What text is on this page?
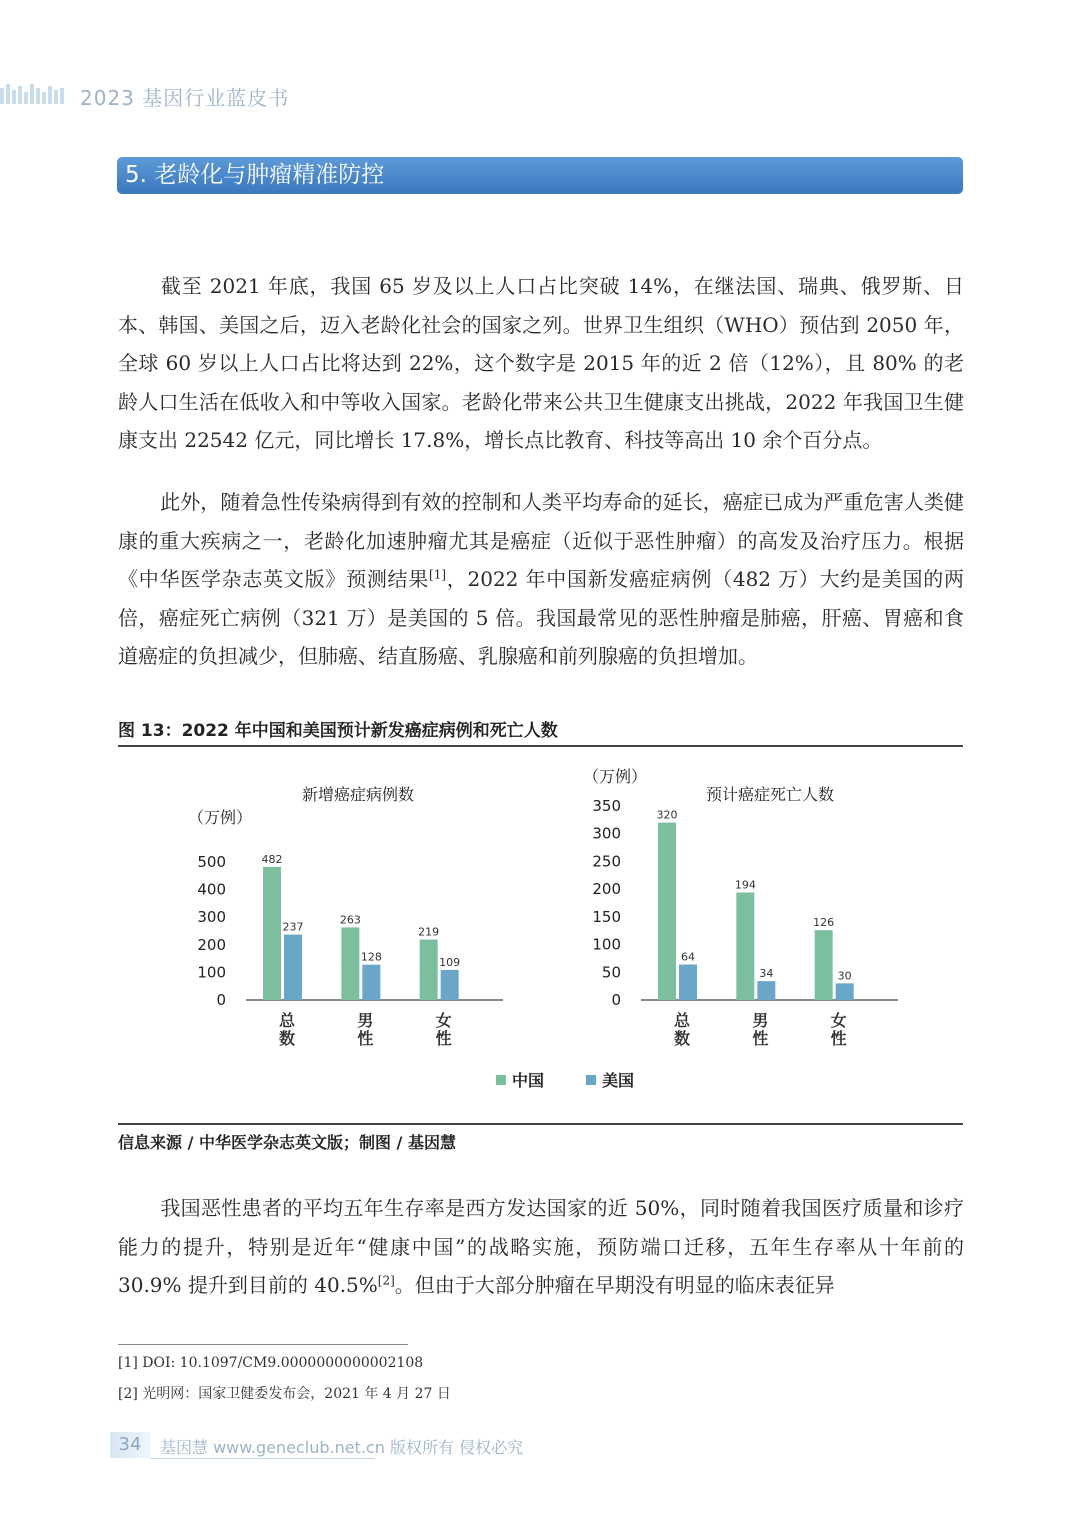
2023 基因行业蓝皮书
5. 老龄化与肿瘤精准防控

截至 2021 年底，我国 65 岁及以上人口占比突破 14%，在继法国、瑞典、俄罗斯、日本、韩国、美国之后，迈入老龄化社会的国家之列。世界卫生组织（WHO）预估到 2050 年，全球 60 岁以上人口占比将达到 22%，这个数字是 2015 年的近 2 倍（12%），且 80% 的老龄人口生活在低收入和中等收入国家。老龄化带来公共卫生健康支出挑战，2022 年我国卫生健康支出 22542 亿元，同比增长 17.8%，增长点比教育、科技等高出 10 余个百分点。

此外，随着急性传染病得到有效的控制和人类平均寿命的延长，癌症已成为严重危害人类健康的重大疾病之一，老龄化加速肿瘤尤其是癌症（近似于恶性肿瘤）的高发及治疗压力。根据《中华医学杂志英文版》预测结果[1]，2022 年中国新发癌症病例（482 万）大约是美国的两倍，癌症死亡病例（321 万）是美国的 5 倍。我国最常见的恶性肿瘤是肺癌，肝癌、胃癌和食道癌症的负担减少，但肺癌、结直肠癌、乳腺癌和前列腺癌的负担增加。

图 13：2022 年中国和美国预计新发癌症病例和死亡人数
新增癌症病例数
（万例）
0
100
200
300
400
500
总
数
482
237
男
性
263
128
女
性
219
109
预计癌症死亡人数
（万例）
0
50
100
150
200
250
300
350
总
数
320
64
男
性
194
34
女
性
126
30
中国	美国
信息来源 / 中华医学杂志英文版；制图 / 基因慧

我国恶性患者的平均五年生存率是西方发达国家的近 50%，同时随着我国医疗质量和诊疗能力的提升，特别是近年“健康中国”的战略实施，预防端口迁移，五年生存率从十年前的 30.9% 提升到目前的 40.5%[2]。但由于大部分肿瘤在早期没有明显的临床表征异

[1] DOI: 10.1097/CM9.0000000000002108
[2] 光明网：国家卫健委发布会，2021 年 4 月 27 日
34	基因慧 www.geneclub.net.cn 版权所有 侵权必究
